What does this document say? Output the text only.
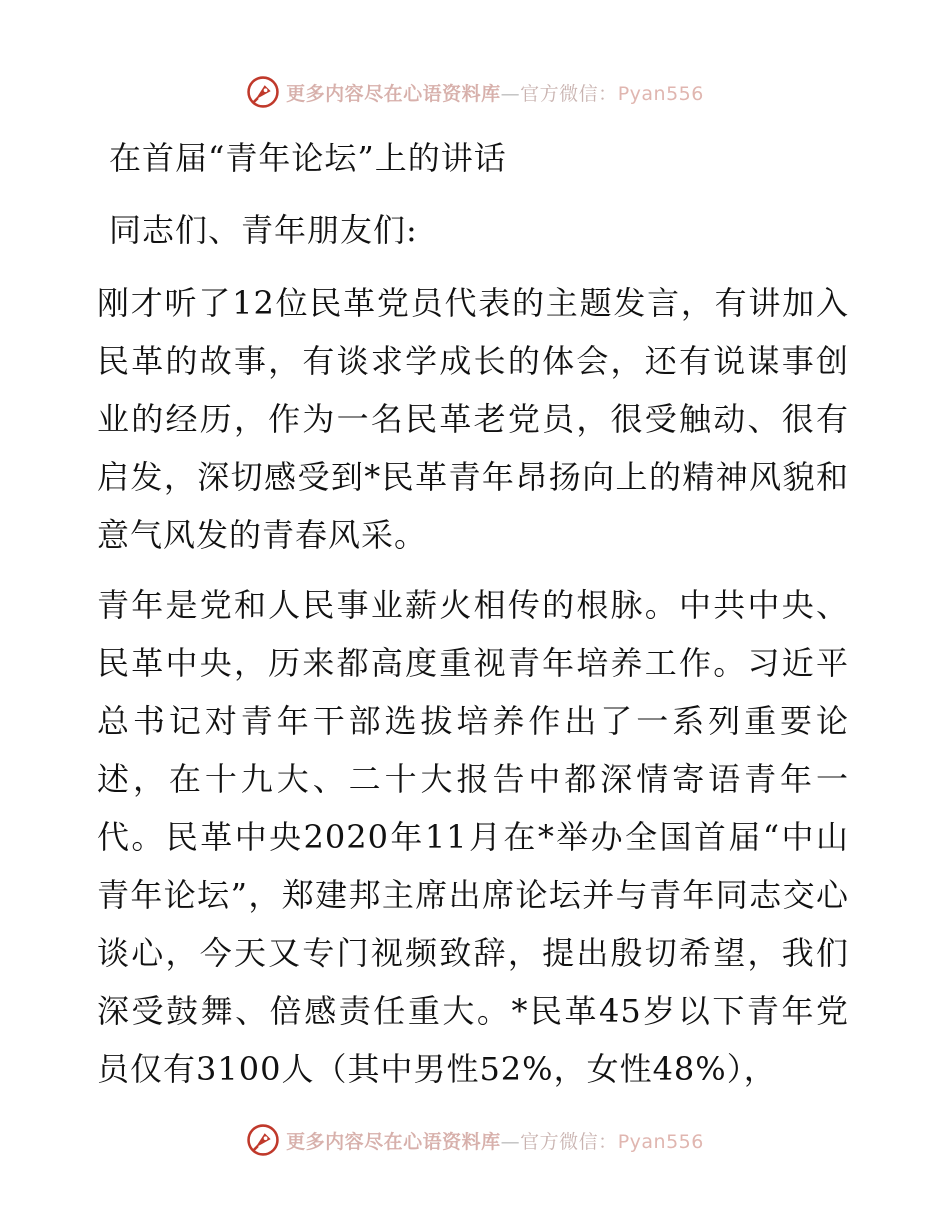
更多内容尽在心语资料库—官方微信：Pyan556
在首届“青年论坛”上的讲话
同志们、青年朋友们:

刚才听了12位民革党员代表的主题发言，有讲加入民革的故事，有谈求学成长的体会，还有说谋事创业的经历，作为一名民革老党员，很受触动、很有启发，深切感受到*民革青年昂扬向上的精神风貌和意气风发的青春风采。

青年是党和人民事业薪火相传的根脉。中共中央、民革中央，历来都高度重视青年培养工作。习近平总书记对青年干部选拔培养作出了一系列重要论述，在十九大、二十大报告中都深情寄语青年一代。民革中央2020年11月在*举办全国首届“中山青年论坛”，郑建邦主席出席论坛并与青年同志交心谈心，今天又专门视频致辞，提出殷切希望，我们深受鼓舞、倍感责任重大。*民革45岁以下青年党员仅有3100人（其中男性52%，女性48%），

更多内容尽在心语资料库—官方微信：Pyan556
